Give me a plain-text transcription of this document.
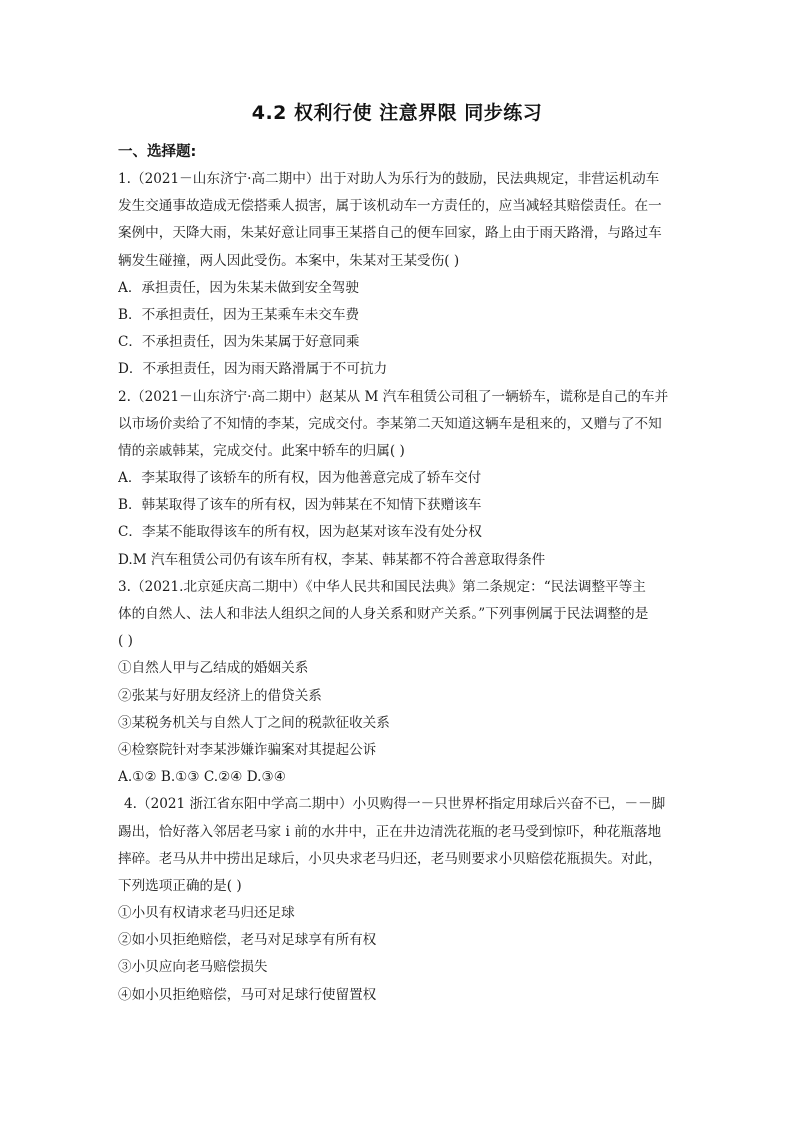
4.2 权利行使 注意界限 同步练习
一、选择题:
1.（2021－山东济宁·高二期中）出于对助人为乐行为的鼓励，民法典规定，非营运机动车
发生交通事故造成无偿搭乘人损害，属于该机动车一方责任的，应当减轻其赔偿责任。在一
案例中，天降大雨，朱某好意让同事王某搭自己的便车回家，路上由于雨天路滑，与路过车
辆发生碰撞，两人因此受伤。本案中，朱某对王某受伤( )
A．承担责任，因为朱某未做到安全驾驶
B．不承担责任，因为王某乘车未交车费
C．不承担责任，因为朱某属于好意同乘
D．不承担责任，因为雨天路滑属于不可抗力
2.（2021－山东济宁·高二期中）赵某从 M 汽车租赁公司租了一辆轿车，谎称是自己的车并
以市场价卖给了不知情的李某，完成交付。李某第二天知道这辆车是租来的，又赠与了不知
情的亲戚韩某，完成交付。此案中轿车的归属( )
A．李某取得了该轿车的所有权，因为他善意完成了轿车交付
B．韩某取得了该车的所有权，因为韩某在不知情下获赠该车
C．李某不能取得该车的所有权，因为赵某对该车没有处分权
D.M 汽车租赁公司仍有该车所有权，李某、韩某都不符合善意取得条件
3.（2021.北京延庆高二期中）《中华人民共和国民法典》第二条规定：“民法调整平等主
体的自然人、法人和非法人组织之间的人身关系和财产关系。”下列事例属于民法调整的是
( )
①自然人甲与乙结成的婚姻关系
②张某与好朋友经济上的借贷关系
③某税务机关与自然人丁之间的税款征收关系
④检察院针对李某涉嫌诈骗案对其提起公诉
A.①② B.①③ C.②④ D.③④
4.（2021 浙江省东阳中学高二期中）小贝购得一－只世界杯指定用球后兴奋不已，－－脚
踢出，恰好落入邻居老马家 i 前的水井中，正在井边清洗花瓶的老马受到惊吓，种花瓶落地
摔碎。老马从井中捞出足球后，小贝央求老马归还，老马则要求小贝赔偿花瓶损失。对此，
下列选项正确的是( )
①小贝有权请求老马归还足球
②如小贝拒绝赔偿，老马对足球享有所有权
③小贝应向老马赔偿损失
④如小贝拒绝赔偿，马可对足球行使留置权
